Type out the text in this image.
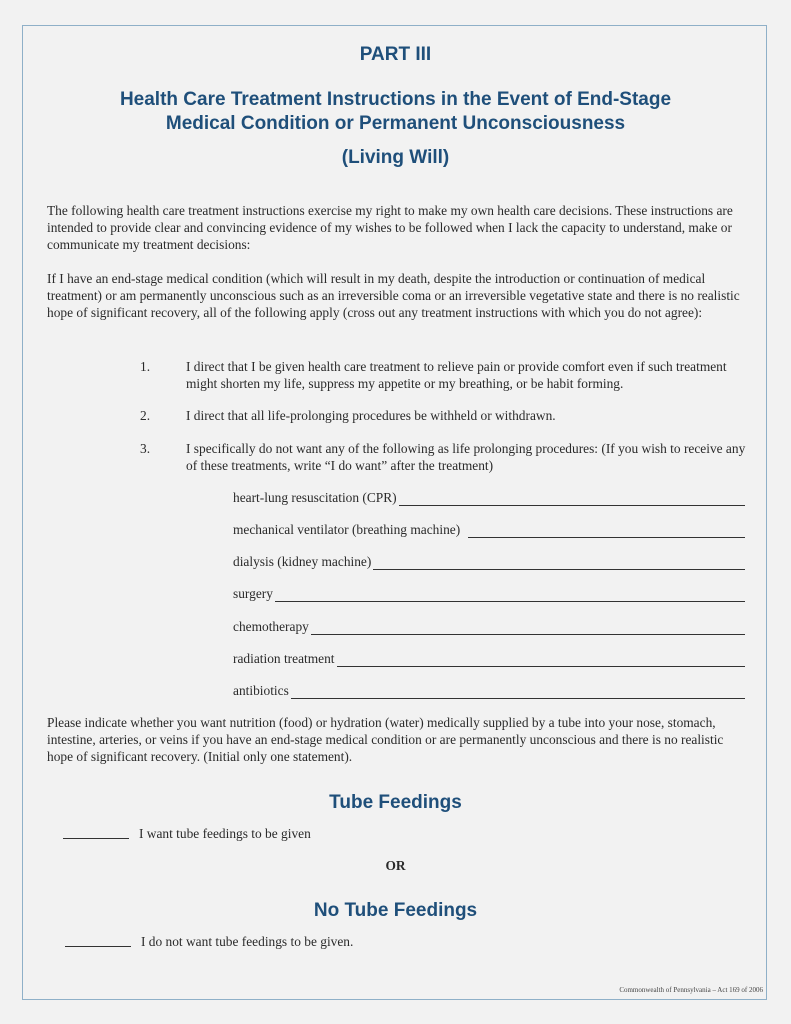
PART III
Health Care Treatment Instructions in the Event of End-Stage
Medical Condition or Permanent Unconsciousness
(Living Will)

The following health care treatment instructions exercise my right to make my own health care decisions. These instructions are intended to provide clear and convincing evidence of my wishes to be followed when I lack the capacity to understand, make or communicate my treatment decisions:

If I have an end-stage medical condition (which will result in my death, despite the introduction or continuation of medical treatment) or am permanently unconscious such as an irreversible coma or an irreversible vegetative state and there is no realistic hope of significant recovery, all of the following apply (cross out any treatment instructions with which you do not agree):

1.	I direct that I be given health care treatment to relieve pain or provide comfort even if such treatment might shorten my life, suppress my appetite or my breathing, or be habit forming.

2.	I direct that all life-prolonging procedures be withheld or withdrawn.

3.	I specifically do not want any of the following as life prolonging procedures: (If you wish to receive any of these treatments, write “I do want” after the treatment)

heart-lung resuscitation (CPR)
mechanical ventilator (breathing machine)
dialysis (kidney machine)
surgery
chemotherapy
radiation treatment
antibiotics

Please indicate whether you want nutrition (food) or hydration (water) medically supplied by a tube into your nose, stomach, intestine, arteries, or veins if you have an end-stage medical condition or are permanently unconscious and there is no realistic hope of significant recovery. (Initial only one statement).

Tube Feedings
I want tube feedings to be given
OR
No Tube Feedings
I do not want tube feedings to be given.
Commonwealth of Pennsylvania – Act 169 of 2006
